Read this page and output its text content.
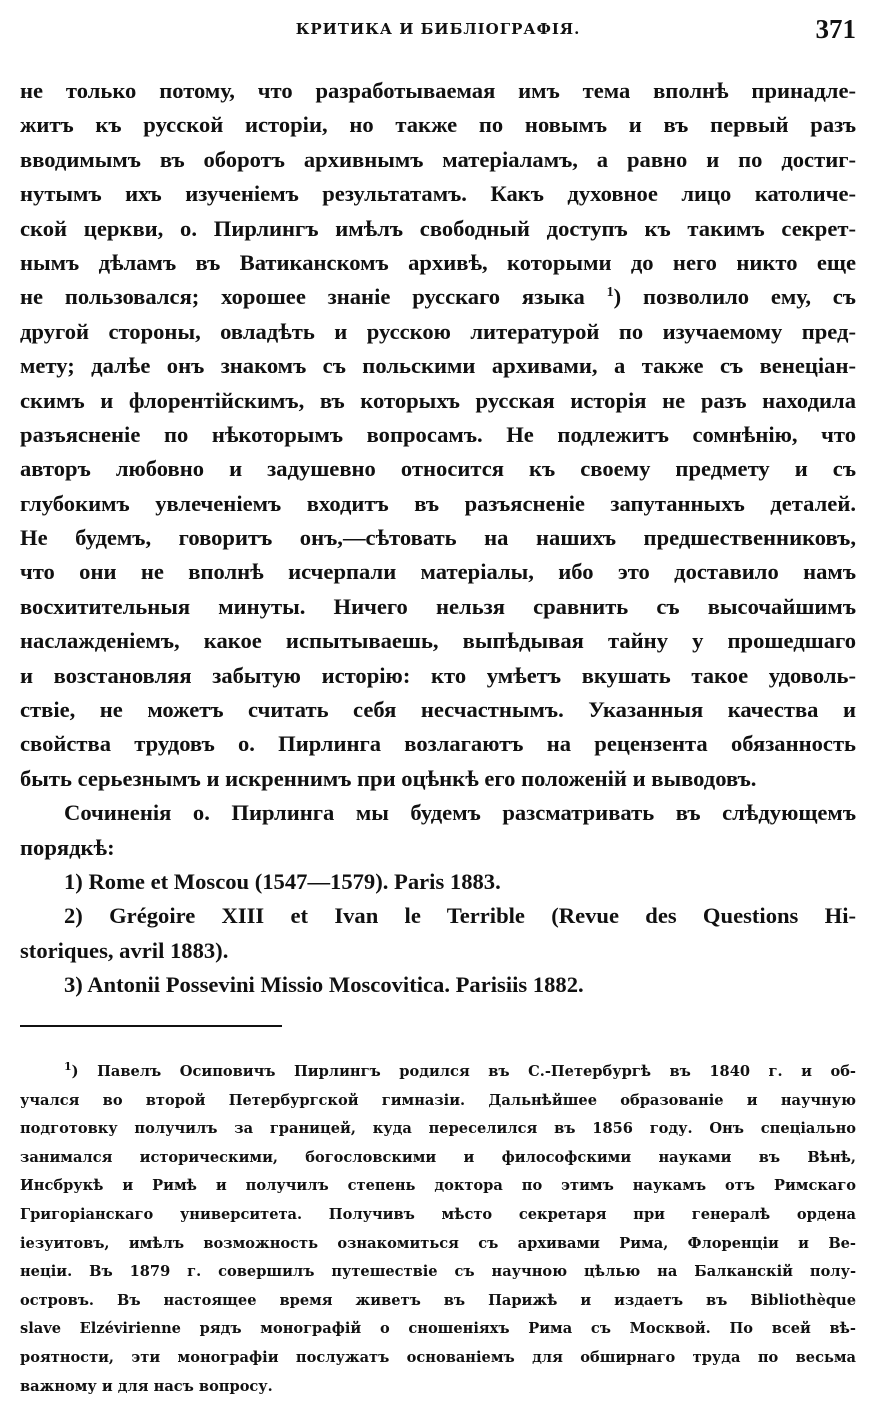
КРИТИКА И БИБЛІОГРАФІЯ.	371
не только потому, что разработываемая имъ тема вполнѣ принадле-
житъ къ русской исторіи, но также по новымъ и въ первый разъ
вводимымъ въ оборотъ архивнымъ матеріаламъ, а равно и по достиг-
нутымъ ихъ изученіемъ результатамъ. Какъ духовное лицо католиче-
ской церкви, о. Пирлингъ имѣлъ свободный доступъ къ такимъ секрет-
нымъ дѣламъ въ Ватиканскомъ архивѣ, которыми до него никто еще
не пользовался; хорошее знаніе русскаго языка $^1$) позволило ему, съ
другой стороны, овладѣть и русскою литературой по изучаемому пред-
мету; далѣе онъ знакомъ съ польскими архивами, а также съ венеціан-
скимъ и флорентійскимъ, въ которыхъ русская исторія не разъ находила
разъясненіе по нѣкоторымъ вопросамъ. Не подлежитъ сомнѣнію, что
авторъ любовно и задушевно относится къ своему предмету и съ
глубокимъ увлеченіемъ входитъ въ разъясненіе запутанныхъ деталей.
Не будемъ, говоритъ онъ,—сѣтовать на нашихъ предшественниковъ,
что они не вполнѣ исчерпали матеріалы, ибо это доставило намъ
восхитительныя минуты. Ничего нельзя сравнить съ высочайшимъ
наслажденіемъ, какое испытываешь, выпѣдывая тайну у прошедшаго
и возстановляя забытую исторію: кто умѣетъ вкушать такое удоволь-
ствіе, не можетъ считать себя несчастнымъ. Указанныя качества и
свойства трудовъ о. Пирлинга возлагаютъ на рецензента обязанность
быть серьезнымъ и искреннимъ при оцѣнкѣ его положеній и выводовъ.
Сочиненія о. Пирлинга мы будемъ разсматривать въ слѣдующемъ
порядкѣ:
1) Rome et Moscou (1547—1579). Paris 1883.
2) Grégoire XIII et Ivan le Terrible (Revue des Questions Hi-
storiques, avril 1883).
3) Antonii Possevini Missio Moscovitica. Parisiis 1882.
$^1$) Павелъ Осиповичъ Пирлингъ родился въ С.-Петербургѣ въ 1840 г. и об-
учался во второй Петербургской гимназіи. Дальнѣйшее образованіе и научную
подготовку получилъ за границей, куда переселился въ 1856 году. Онъ спеціально
занимался историческими, богословскими и философскими науками въ Вѣнѣ,
Инсбрукѣ и Римѣ и получилъ степень доктора по этимъ наукамъ отъ Римскаго
Григоріанскаго университета. Получивъ мѣсто секретаря при генералѣ ордена
іезуитовъ, имѣлъ возможность ознакомиться съ архивами Рима, Флоренціи и Ве-
неціи. Въ 1879 г. совершилъ путешествіе съ научною цѣлью на Балканскій полу-
островъ. Въ настоящее время живетъ въ Парижѣ и издаетъ въ Bibliothèque
slave Elzévirienne рядъ монографій о сношеніяхъ Рима съ Москвой. По всей вѣ-
роятности, эти монографіи послужатъ основаніемъ для обширнаго труда по весьма
важному и для насъ вопросу.
